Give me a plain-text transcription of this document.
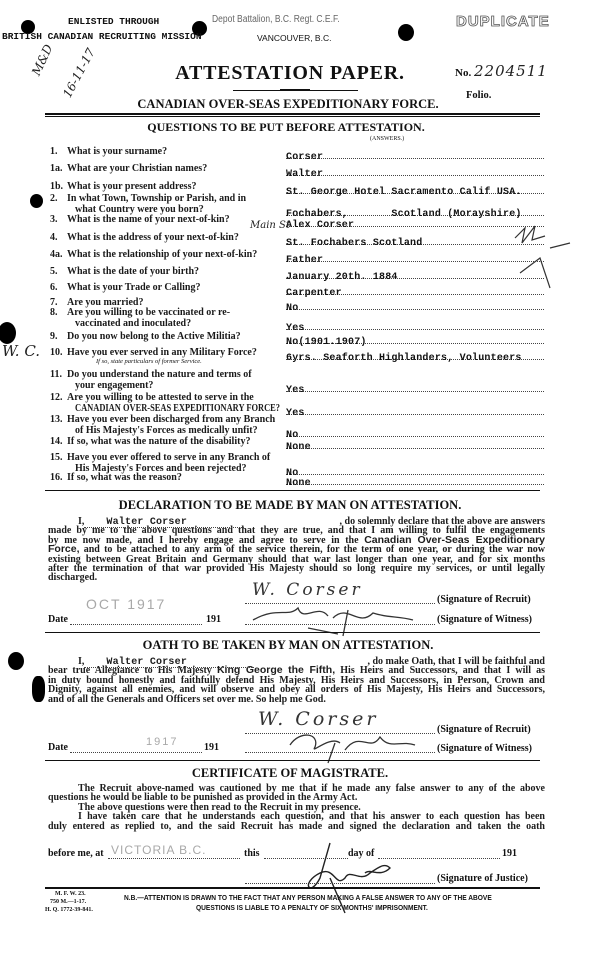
ENLISTED THROUGH	Depot Battalion, B.C. Regt. C.E.F.
BRITISH CANADIAN RECRUITING MISSION	VANCOUVER, B.C.
DUPLICATE
M&D 16-11-17	ATTESTATION PAPER.	No. 2204511
Folio.
CANADIAN OVER-SEAS EXPEDITIONARY FORCE.
QUESTIONS TO BE PUT BEFORE ATTESTATION.
(ANSWERS.)
1. What is your surname?
Corser
1a. What are your Christian names?
Walter
1b. What is your present address?
St. George Hotel Sacramento Calif USA.
2. In what Town, Township or Parish, and in
what Country were you born?	Fochabers,       Scotland (Morayshire)
3. What is the name of your next-of-kin?
Alex Corser
4. What is the address of your next-of-kin?
St. Fochabers Scotland
4a. What is the relationship of your next-of-kin?
Father
5. What is the date of your birth?
January 20th. 1884
6. What is your Trade or Calling?
Carpenter
7. Are you married?
No
8. Are you willing to be vaccinated or re-
vaccinated and inoculated?	Yes
9. Do you now belong to the Active Militia?
No(1901.1907)
10. Have you ever served in any Military Force?
If so, state particulars of former Service.	6yrs. Seaforth Highlanders, Volunteers
11. Do you understand the nature and terms of
your engagement?	Yes
12. Are you willing to be attested to serve in the
CANADIAN OVER-SEAS EXPEDITIONARY FORCE? Yes
13. Have you ever been discharged from any Branch
of His Majesty's Forces as medically unfit?	No
14. If so, what was the nature of the disability?
None
15. Have you ever offered to serve in any Branch of
His Majesty's Forces and been rejected?	No
16. If so, what was the reason?
None
Main St
W. C.
DECLARATION TO BE MADE BY MAN ON ATTESTATION.
I, Walter Corser	, do solemnly declare that the above are answers
made by me to the above questions and that they are true, and that I am willing to fulfil the engagements
by me now made, and I hereby engage and agree to serve in the Canadian Over-Seas Expeditionary
Force, and to be attached to any arm of the service therein, for the term of one year, or during the war now
existing between Great Britain and Germany should that war last longer than one year, and for six months
after the termination of that war provided His Majesty should so long require my services, or until legally
discharged.
W. Corser	(Signature of Recruit)
Date
OCT 1917
191	(Signature of Witness)
OATH TO BE TAKEN BY MAN ON ATTESTATION.
I, Walter Corser	, do make Oath, that I will be faithful and
bear true Allegiance to His Majesty King George the Fifth, His Heirs and Successors, and that I will as
in duty bound honestly and faithfully defend His Majesty, His Heirs and Successors, in Person, Crown and
Dignity, against all enemies, and will observe and obey all orders of His Majesty, His Heirs and Successors,
and of all the Generals and Officers set over me. So help me God.
W. Corser	(Signature of Recruit)
Date	1917	191	(Signature of Witness)
CERTIFICATE OF MAGISTRATE.
The Recruit above-named was cautioned by me that if he made any false answer to any of the above
questions he would be liable to be punished as provided in the Army Act.
The above questions were then read to the Recruit in my presence.
I have taken care that he understands each question, and that his answer to each question has been
duly entered as replied to, and the said Recruit has made and signed the declaration and taken the oath
before me, at VICTORIA B.C.	this	day of	191
(Signature of Justice)
M. F. W. 23.
750 M.—1-17.
H. Q. 1772-39-841.
N.B.—ATTENTION IS DRAWN TO THE FACT THAT ANY PERSON MAKING A FALSE ANSWER TO ANY OF THE ABOVE
QUESTIONS IS LIABLE TO A PENALTY OF SIX MONTHS' IMPRISONMENT.
